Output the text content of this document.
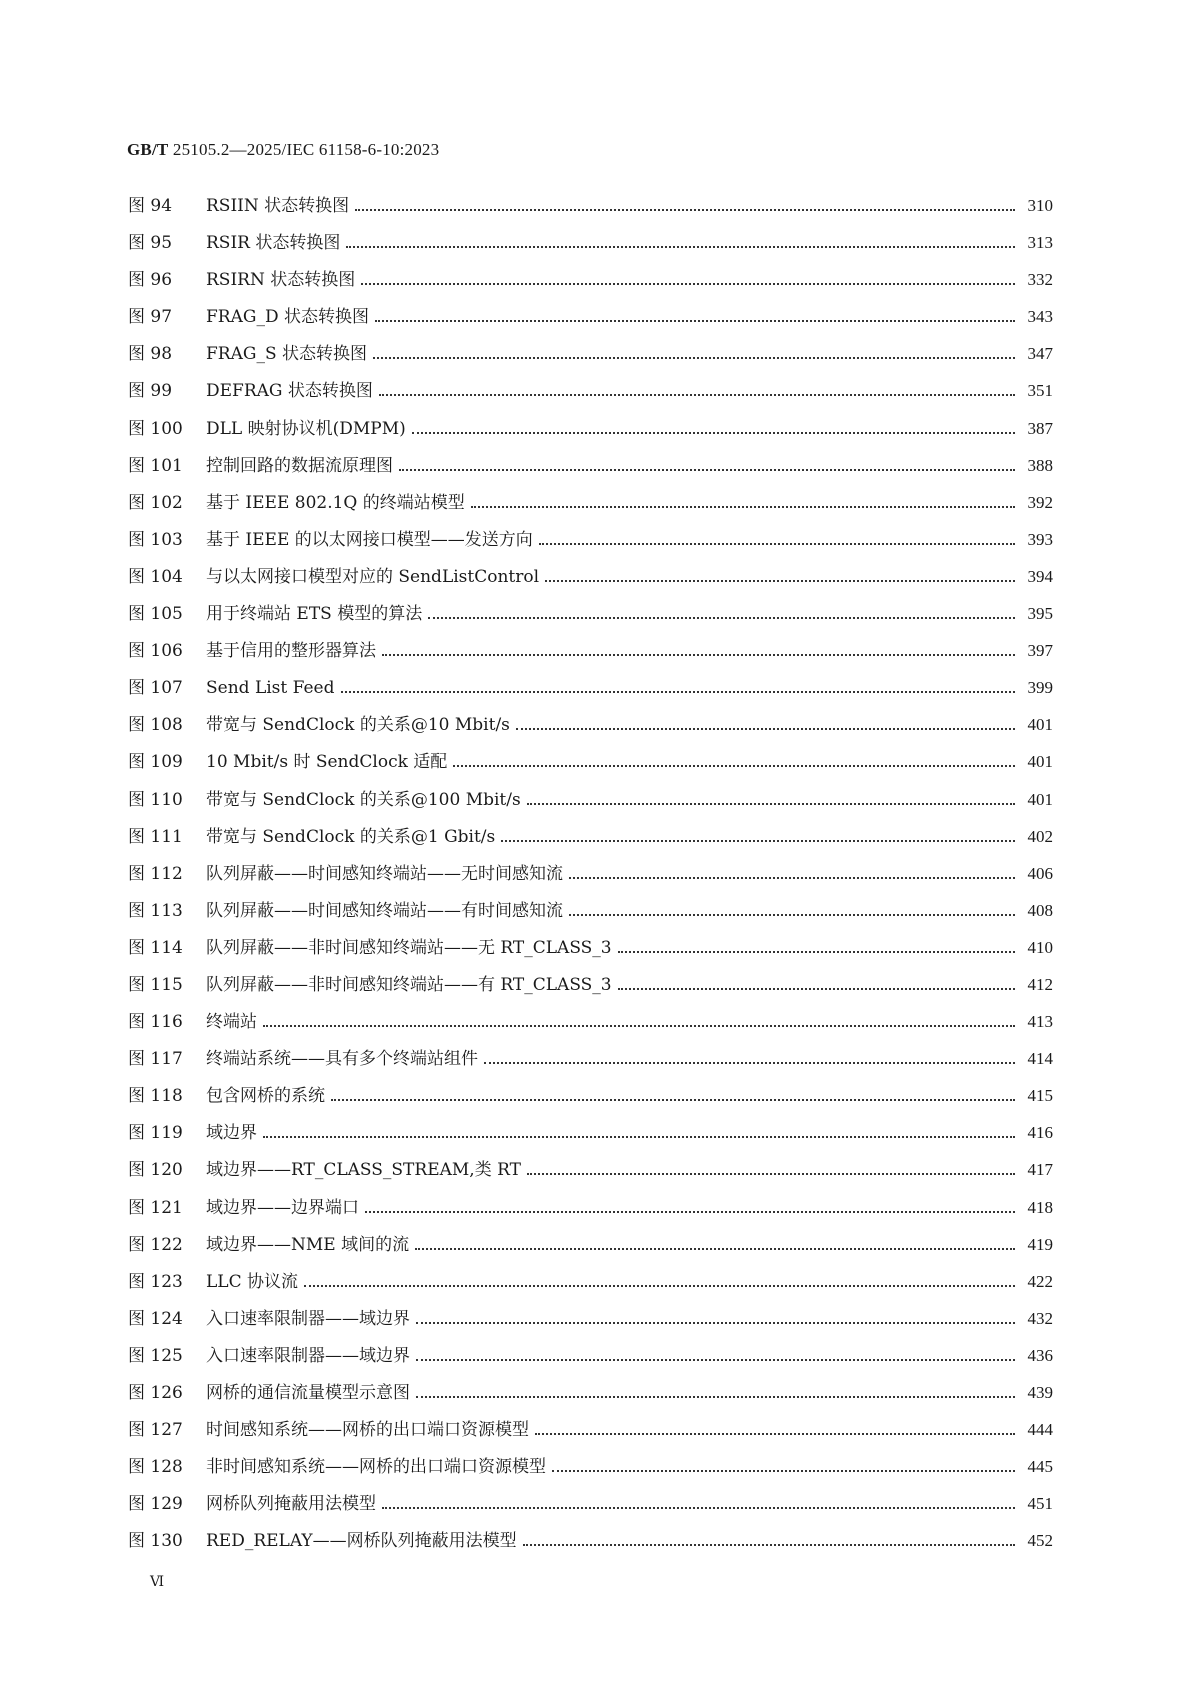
GB/T 25105.2—2025/IEC 61158-6-10:2023
图 94	RSIIN 状态转换图	310
图 95	RSIR 状态转换图	313
图 96	RSIRN 状态转换图	332
图 97	FRAG_D 状态转换图	343
图 98	FRAG_S 状态转换图	347
图 99	DEFRAG 状态转换图	351
图 100	DLL 映射协议机(DMPM)	387
图 101	控制回路的数据流原理图	388
图 102	基于 IEEE 802.1Q 的终端站模型	392
图 103	基于 IEEE 的以太网接口模型——发送方向	393
图 104	与以太网接口模型对应的 SendListControl	394
图 105	用于终端站 ETS 模型的算法	395
图 106	基于信用的整形器算法	397
图 107	Send List Feed	399
图 108	带宽与 SendClock 的关系@10 Mbit/s	401
图 109	10 Mbit/s 时 SendClock 适配	401
图 110	带宽与 SendClock 的关系@100 Mbit/s	401
图 111	带宽与 SendClock 的关系@1 Gbit/s	402
图 112	队列屏蔽——时间感知终端站——无时间感知流	406
图 113	队列屏蔽——时间感知终端站——有时间感知流	408
图 114	队列屏蔽——非时间感知终端站——无 RT_CLASS_3	410
图 115	队列屏蔽——非时间感知终端站——有 RT_CLASS_3	412
图 116	终端站	413
图 117	终端站系统——具有多个终端站组件	414
图 118	包含网桥的系统	415
图 119	域边界	416
图 120	域边界——RT_CLASS_STREAM,类 RT	417
图 121	域边界——边界端口	418
图 122	域边界——NME 域间的流	419
图 123	LLC 协议流	422
图 124	入口速率限制器——域边界	432
图 125	入口速率限制器——域边界	436
图 126	网桥的通信流量模型示意图	439
图 127	时间感知系统——网桥的出口端口资源模型	444
图 128	非时间感知系统——网桥的出口端口资源模型	445
图 129	网桥队列掩蔽用法模型	451
图 130	RED_RELAY——网桥队列掩蔽用法模型	452
Ⅵ
